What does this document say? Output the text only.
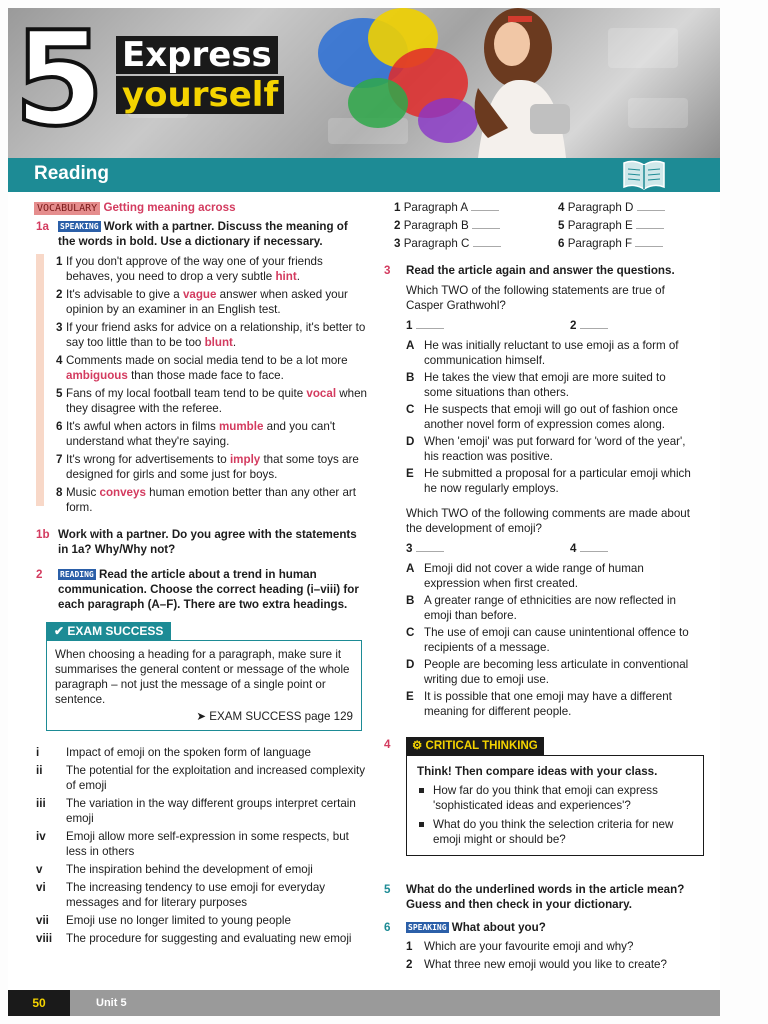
5 Express
yourself
Reading
VOCABULARY Getting meaning across
1a SPEAKING Work with a partner. Discuss the meaning of the words in bold. Use a dictionary if necessary.
1 If you don't approve of the way one of your friends behaves, you need to drop a very subtle hint.
2 It's advisable to give a vague answer when asked your opinion by an examiner in an English test.
3 If your friend asks for advice on a relationship, it's better to say too little than to be too blunt.
4 Comments made on social media tend to be a lot more ambiguous than those made face to face.
5 Fans of my local football team tend to be quite vocal when they disagree with the referee.
6 It's awful when actors in films mumble and you can't understand what they're saying.
7 It's wrong for advertisements to imply that some toys are designed for girls and some just for boys.
8 Music conveys human emotion better than any other art form.
1b Work with a partner. Do you agree with the statements in 1a? Why/Why not?
2 READING Read the article about a trend in human communication. Choose the correct heading (i–viii) for each paragraph (A–F). There are two extra headings.
✔ EXAM SUCCESS
When choosing a heading for a paragraph, make sure it summarises the general content or message of the whole paragraph – not just the message of a single point or sentence.
➤ EXAM SUCCESS page 129
i	Impact of emoji on the spoken form of language
ii	The potential for the exploitation and increased complexity of emoji
iii	The variation in the way different groups interpret certain emoji
iv	Emoji allow more self-expression in some respects, but less in others
v	The inspiration behind the development of emoji
vi	The increasing tendency to use emoji for everyday messages and for literary purposes
vii	Emoji use no longer limited to young people
viii	The procedure for suggesting and evaluating new emoji
1 Paragraph A	4 Paragraph D
2 Paragraph B	5 Paragraph E
3 Paragraph C	6 Paragraph F
3 Read the article again and answer the questions.
Which TWO of the following statements are true of Casper Grathwohl?
1	2
A He was initially reluctant to use emoji as a form of communication himself.
B He takes the view that emoji are more suited to some situations than others.
C He suspects that emoji will go out of fashion once another novel form of expression comes along.
D When 'emoji' was put forward for 'word of the year', his reaction was positive.
E He submitted a proposal for a particular emoji which he now regularly employs.
Which TWO of the following comments are made about the development of emoji?
3	4
A Emoji did not cover a wide range of human expression when first created.
B A greater range of ethnicities are now reflected in emoji than before.
C The use of emoji can cause unintentional offence to recipients of a message.
D People are becoming less articulate in conventional writing due to emoji use.
E It is possible that one emoji may have a different meaning for different people.
4	⚙ CRITICAL THINKING
Think! Then compare ideas with your class.
How far do you think that emoji can express 'sophisticated ideas and experiences'?
What do you think the selection criteria for new emoji might or should be?
5 What do the underlined words in the article mean? Guess and then check in your dictionary.
6 SPEAKING What about you?
1 Which are your favourite emoji and why?
2 What three new emoji would you like to create?
50	Unit 5
